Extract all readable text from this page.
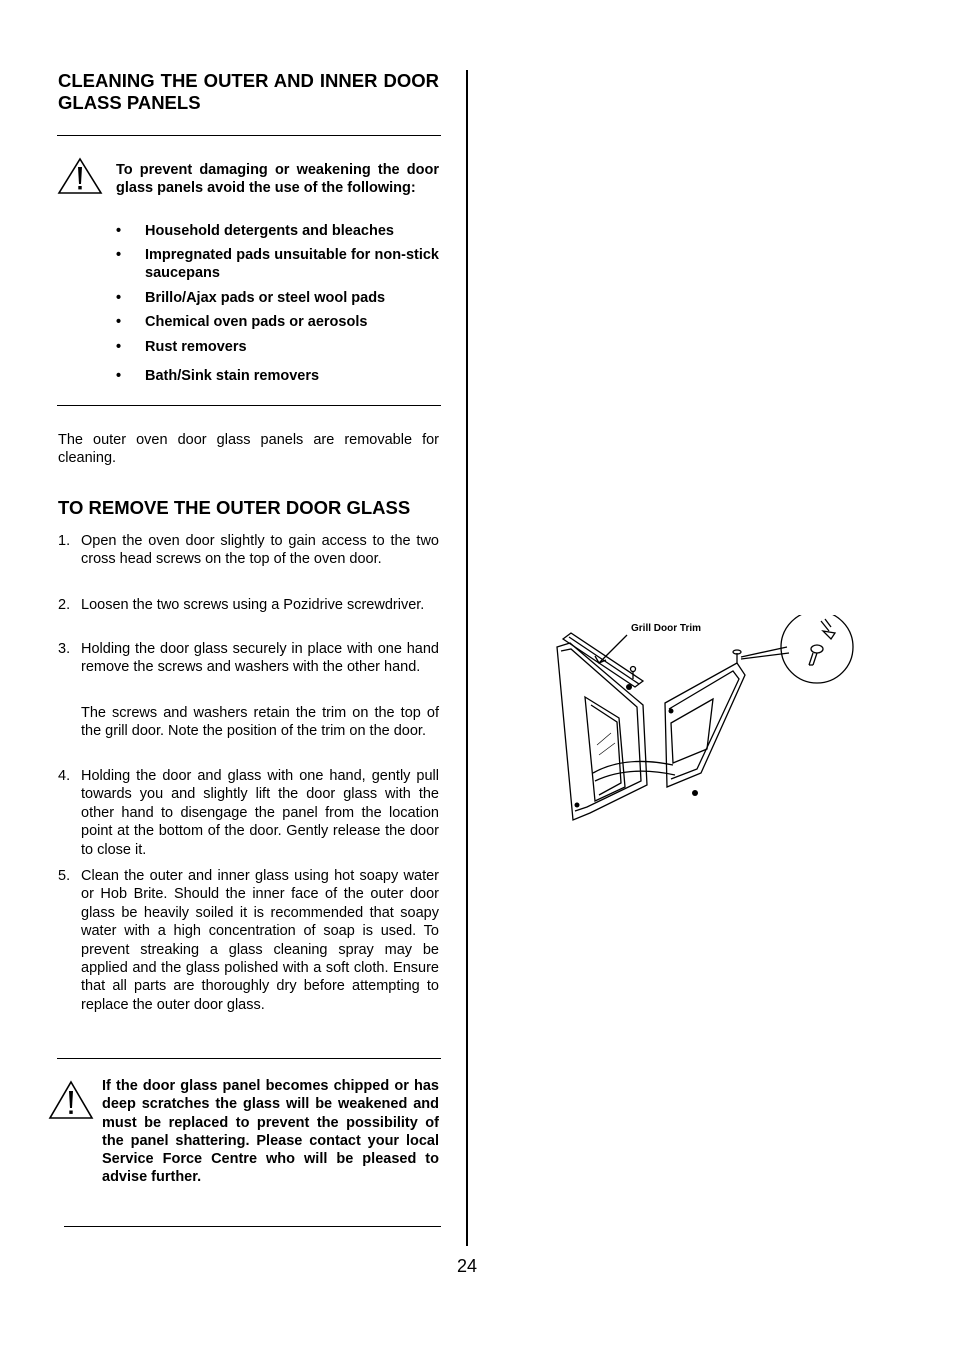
CLEANING THE OUTER AND INNER DOOR GLASS PANELS
To prevent damaging or weakening the door glass panels avoid the use of the following:
•	Household detergents and bleaches
•	Impregnated pads unsuitable for non-stick saucepans
•	Brillo/Ajax pads or steel wool pads
•	Chemical oven pads or aerosols
•	Rust removers
•	Bath/Sink stain removers
The outer oven door glass panels are removable for cleaning.
TO REMOVE THE OUTER DOOR GLASS
1. Open the oven door slightly to gain access to the two cross head screws on the top of the oven door.
2. Loosen the two screws using a Pozidrive screwdriver.
3. Holding the door glass securely in place with one hand remove the screws and washers with the other hand.
The screws and washers retain the trim on the top of the grill door. Note the position of the trim on the door.
4. Holding the door and glass with one hand, gently pull towards you and slightly lift the door glass with the other hand to disengage the panel from the location point at the bottom of the door. Gently release the door to close it.
5. Clean the outer and inner glass using hot soapy water or Hob Brite. Should the inner face of the outer door glass be heavily soiled it is recommended that soapy water with a high concentration of soap is used. To prevent streaking a glass cleaning spray may be applied and the glass polished with a soft cloth. Ensure that all parts are thoroughly dry before attempting to replace the outer door glass.
If the door glass panel becomes chipped or has deep scratches the glass will be weakened and must be replaced to prevent the possibility of the panel shattering. Please contact your local Service Force Centre who will be pleased to advise further.
Grill Door Trim
24
